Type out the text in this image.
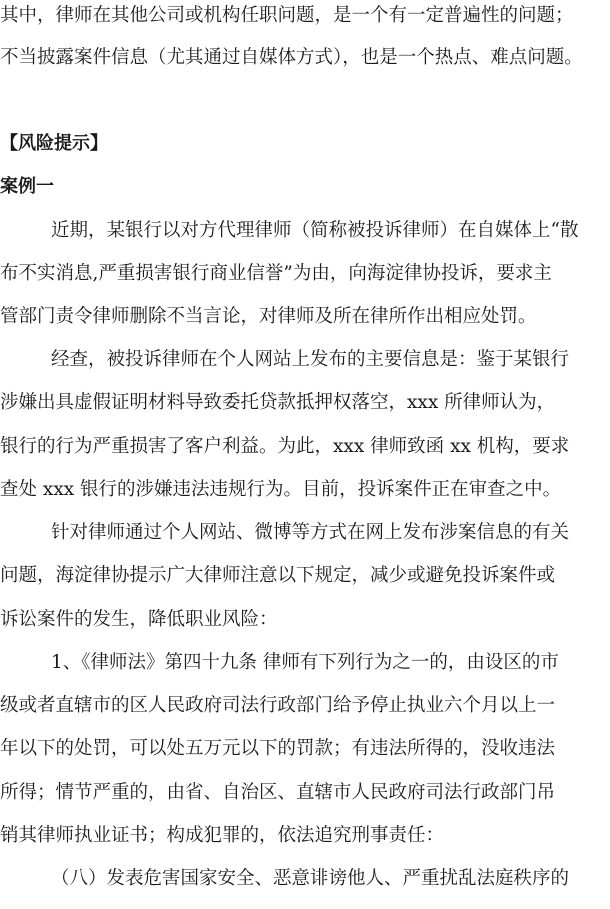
其中，律师在其他公司或机构任职问题，是一个有一定普遍性的问题；
不当披露案件信息（尤其通过自媒体方式），也是一个热点、难点问题。
【风险提示】
案例一
近期，某银行以对方代理律师（简称被投诉律师）在自媒体上“散
布不实消息,严重损害银行商业信誉”为由，向海淀律协投诉，要求主
管部门责令律师删除不当言论，对律师及所在律所作出相应处罚。
经查，被投诉律师在个人网站上发布的主要信息是：鉴于某银行
涉嫌出具虚假证明材料导致委托贷款抵押权落空，xxx 所律师认为，
银行的行为严重损害了客户利益。为此，xxx 律师致函 xx 机构，要求
查处 xxx 银行的涉嫌违法违规行为。目前，投诉案件正在审查之中。
针对律师通过个人网站、微博等方式在网上发布涉案信息的有关
问题，海淀律协提示广大律师注意以下规定，减少或避免投诉案件或
诉讼案件的发生，降低职业风险：
1、《律师法》第四十九条 律师有下列行为之一的，由设区的市
级或者直辖市的区人民政府司法行政部门给予停止执业六个月以上一
年以下的处罚，可以处五万元以下的罚款；有违法所得的，没收违法
所得；情节严重的，由省、自治区、直辖市人民政府司法行政部门吊
销其律师执业证书；构成犯罪的，依法追究刑事责任：
（八）发表危害国家安全、恶意诽谤他人、严重扰乱法庭秩序的
